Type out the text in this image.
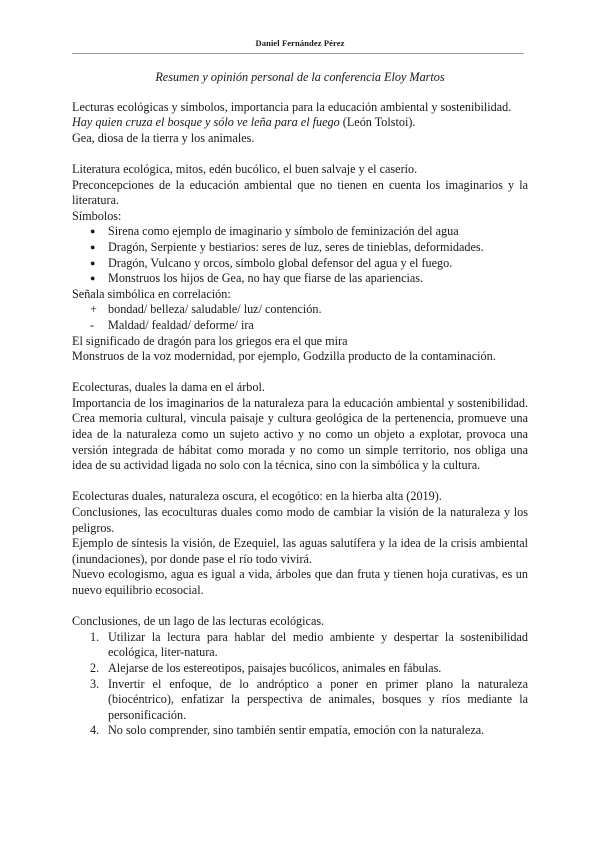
Daniel Fernández Pérez

Resumen y opinión personal de la conferencia Eloy Martos

Lecturas ecológicas y símbolos, importancia para la educación ambiental y sostenibilidad.

Hay quien cruza el bosque y sólo ve leña para el fuego (León Tolstoi).

Gea, diosa de la tierra y los animales.

Literatura ecológica, mitos, edén bucólico, el buen salvaje y el caserío.

Preconcepciones de la educación ambiental que no tienen en cuenta los imaginarios y la literatura.

Símbolos:

● Sirena como ejemplo de imaginario y símbolo de feminización del agua
● Dragón, Serpiente y bestiarios: seres de luz, seres de tinieblas, deformidades.
● Dragón, Vulcano y orcos, símbolo global defensor del agua y el fuego.
● Monstruos los hijos de Gea, no hay que fiarse de las apariencias.

Señala simbólica en correlación:

+ bondad/ belleza/ saludable/ luz/ contención.
- Maldad/ fealdad/ deforme/ ira

El significado de dragón para los griegos era el que mira

Monstruos de la voz modernidad, por ejemplo, Godzilla producto de la contaminación.

Ecolecturas, duales la dama en el árbol.

Importancia de los imaginarios de la naturaleza para la educación ambiental y sostenibilidad. Crea memoria cultural, vincula paisaje y cultura geológica de la pertenencia, promueve una idea de la naturaleza como un sujeto activo y no como un objeto a explotar, provoca una versión integrada de hábitat como morada y no como un simple territorio, nos obliga una idea de su actividad ligada no solo con la técnica, sino con la simbólica y la cultura.

Ecolecturas duales, naturaleza oscura, el ecogótico: en la hierba alta (2019).

Conclusiones, las ecoculturas duales como modo de cambiar la visión de la naturaleza y los peligros.

Ejemplo de síntesis la visión, de Ezequiel, las aguas salutífera y la idea de la crisis ambiental (inundaciones), por donde pase el río todo vivirá.

Nuevo ecologismo, agua es igual a vida, árboles que dan fruta y tienen hoja curativas, es un nuevo equilibrio ecosocial.

Conclusiones, de un lago de las lecturas ecológicas.

1. Utilizar la lectura para hablar del medio ambiente y despertar la sostenibilidad ecológica, liter-natura.
2. Alejarse de los estereotipos, paisajes bucólicos, animales en fábulas.
3. Invertir el enfoque, de lo andróptico a poner en primer plano la naturaleza (biocéntrico), enfatizar la perspectiva de animales, bosques y ríos mediante la personificación.
4. No solo comprender, sino también sentir empatía, emoción con la naturaleza.
